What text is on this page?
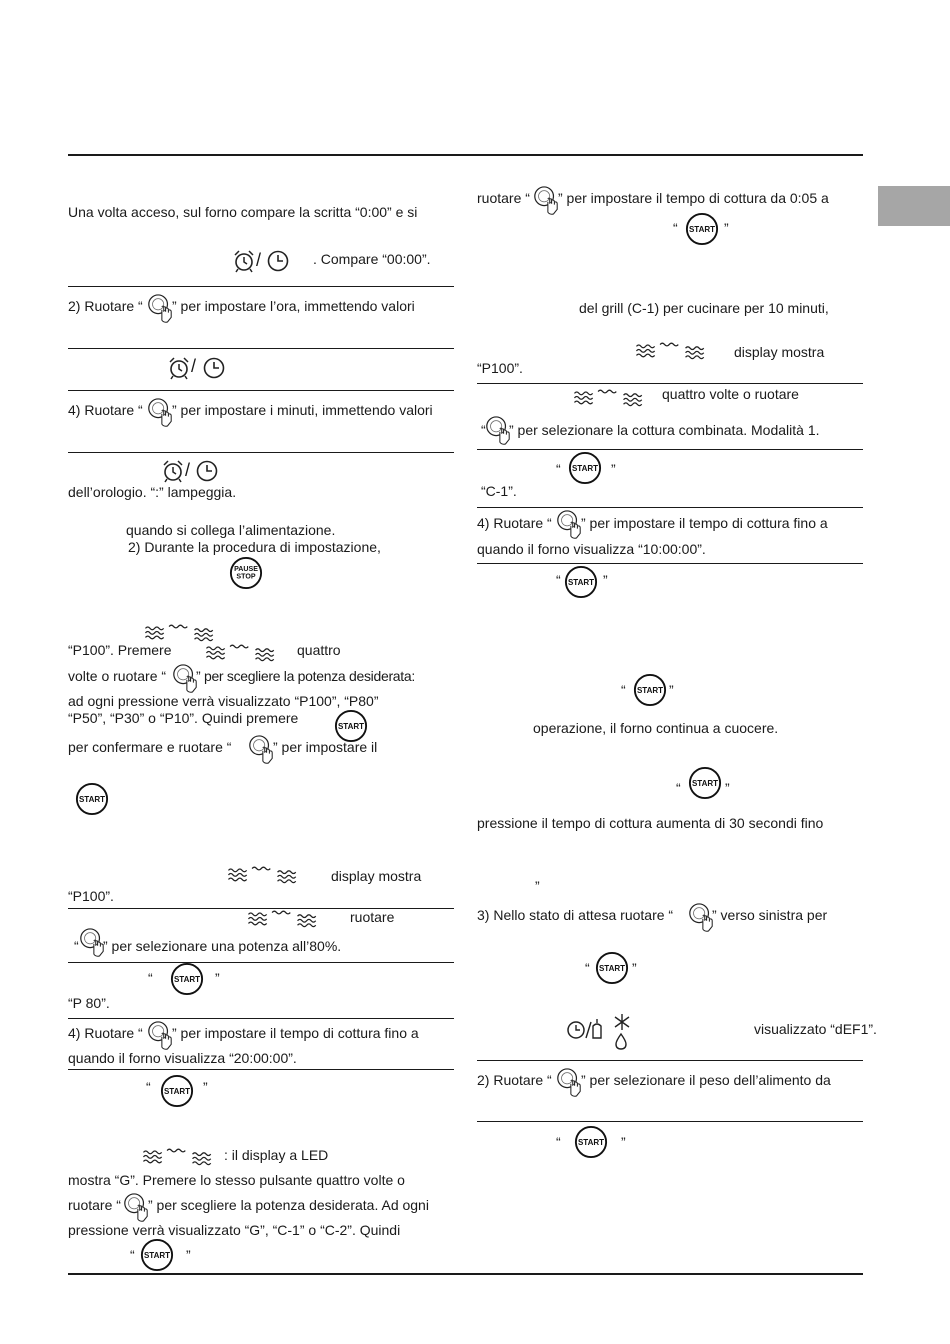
Una volta acceso, sul forno compare la scritta “0:00” e si
/	. Compare “00:00”.
2) Ruotare “ ” per impostare l’ora, immettendo valori
/
4) Ruotare “ ” per impostare i minuti, immettendo valori
/
dell’orologio. “:” lampeggia.
quando si collega l’alimentazione.
2) Durante la procedura di impostazione,
PAUSE
STOP
“P100”. Premere	quattro
volte o ruotare “ ” per scegliere la potenza desiderata:
ad ogni pressione verrà visualizzato “P100”, “P80”
“P50”, “P30” o “P10”. Quindi premere
per confermare e ruotare “	” per impostare il
display mostra
“P100”.
ruotare
“ ” per selezionare una potenza all’80%.
“	”
“P 80”.
4) Ruotare “ ” per impostare il tempo di cottura fino a
quando il forno visualizza “20:00:00”.
“	”
: il display a LED
mostra “G”. Premere lo stesso pulsante quattro volte o
ruotare “ ” per scegliere la potenza desiderata. Ad ogni
pressione verrà visualizzato “G”, “C-1” o “C-2”. Quindi
“	”
ruotare “ ” per impostare il tempo di cottura da 0:05 a
“	”
del grill (C-1) per cucinare per 10 minuti,
display mostra
“P100”.
quattro volte o ruotare
“ ” per selezionare la cottura combinata. Modalità 1.
“	”
“C-1”.
4) Ruotare “ ” per impostare il tempo di cottura fino a
quando il forno visualizza “10:00:00”.
“	”
“	”
operazione, il forno continua a cuocere.
“	”
pressione il tempo di cottura aumenta di 30 secondi fino
”
3) Nello stato di attesa ruotare “	” verso sinistra per
“	”
visualizzato “dEF1”.
2) Ruotare “ ” per selezionare il peso dell’alimento da
“	”
